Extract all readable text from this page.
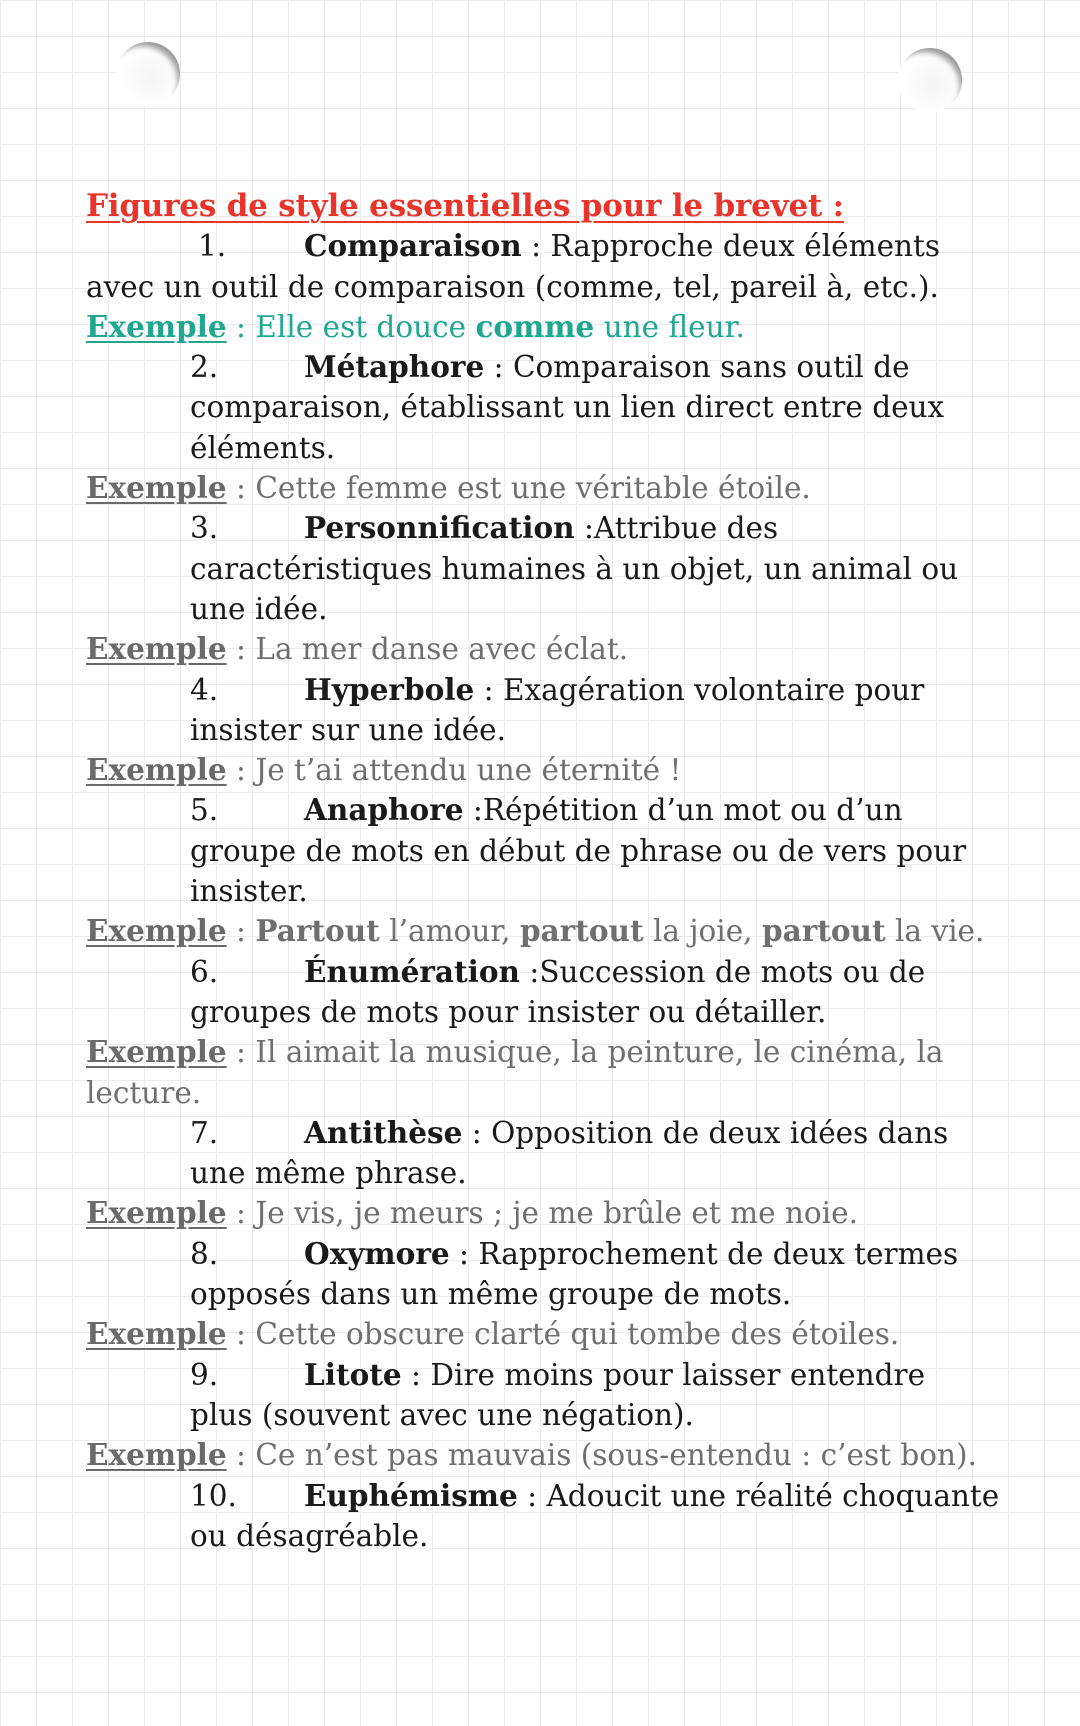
Figures de style essentielles pour le brevet :
1.	Comparaison : Rapproche deux éléments
avec un outil de comparaison (comme, tel, pareil à, etc.).
Exemple : Elle est douce comme une fleur.
2.	Métaphore : Comparaison sans outil de
comparaison, établissant un lien direct entre deux
éléments.
Exemple : Cette femme est une véritable étoile.
3.	Personnification :Attribue des
caractéristiques humaines à un objet, un animal ou
une idée.
Exemple : La mer danse avec éclat.
4.	Hyperbole : Exagération volontaire pour
insister sur une idée.
Exemple : Je t’ai attendu une éternité !
5.	Anaphore :Répétition d’un mot ou d’un
groupe de mots en début de phrase ou de vers pour
insister.
Exemple : Partout l’amour, partout la joie, partout la vie.
6.	Énumération :Succession de mots ou de
groupes de mots pour insister ou détailler.
Exemple : Il aimait la musique, la peinture, le cinéma, la
lecture.
7.	Antithèse : Opposition de deux idées dans
une même phrase.
Exemple : Je vis, je meurs ; je me brûle et me noie.
8.	Oxymore : Rapprochement de deux termes
opposés dans un même groupe de mots.
Exemple : Cette obscure clarté qui tombe des étoiles.
9.	Litote : Dire moins pour laisser entendre
plus (souvent avec une négation).
Exemple : Ce n’est pas mauvais (sous-entendu : c’est bon).
10. Euphémisme : Adoucit une réalité choquante
ou désagréable.
